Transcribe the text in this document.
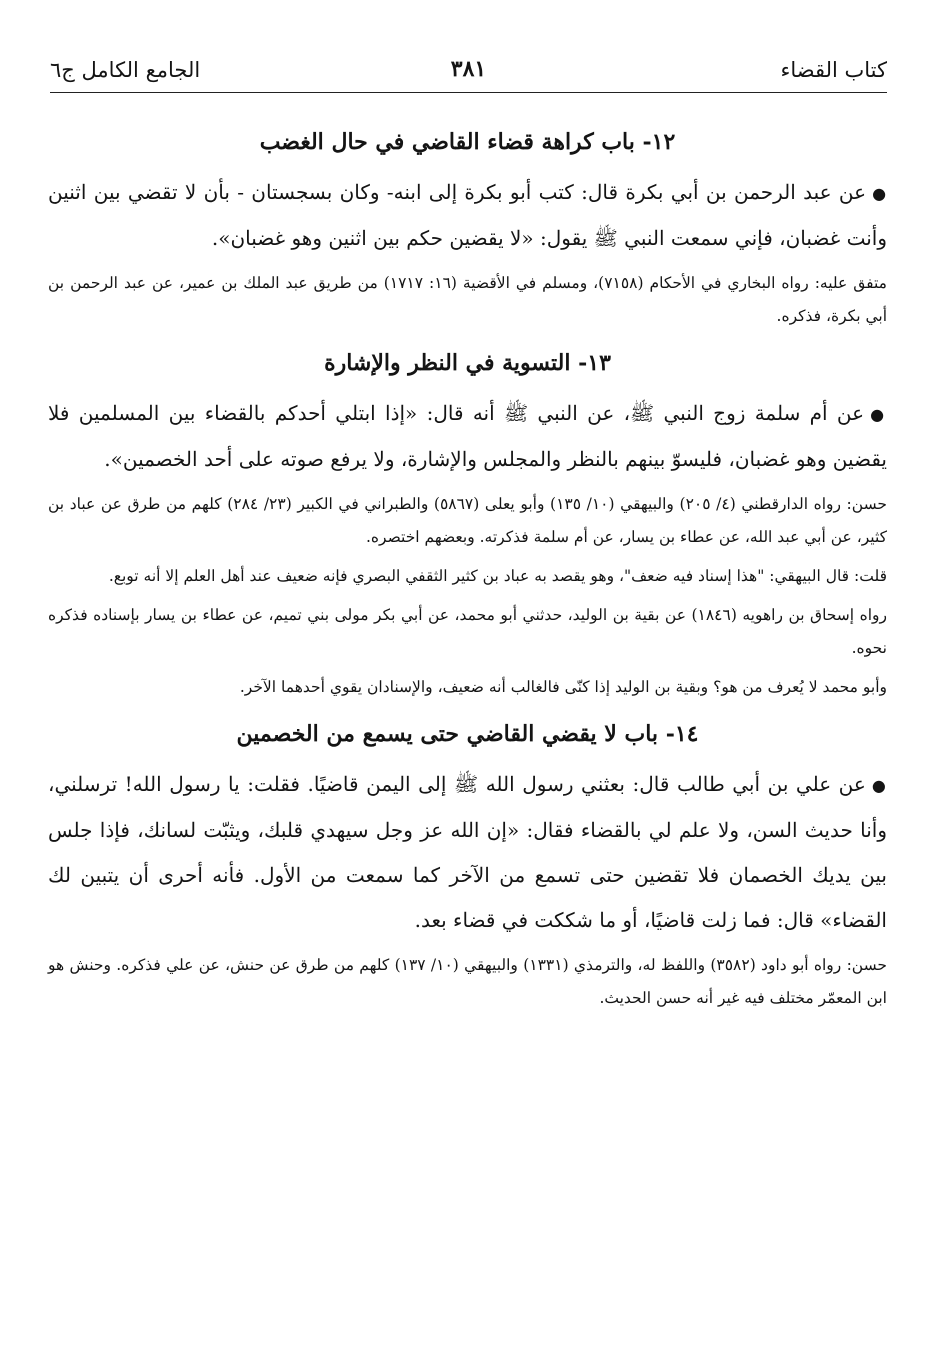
كتاب القضاء
٣٨١
الجامع الكامل ج٦
١٢- باب كراهة قضاء القاضي في حال الغضب

●عن عبد الرحمن بن أبي بكرة قال: كتب أبو بكرة إلى ابنه- وكان بسجستان - بأن لا تقضي بين اثنين وأنت غضبان، فإني سمعت النبي ﷺ يقول: «لا يقضين حكم بين اثنين وهو غضبان».

متفق عليه: رواه البخاري في الأحكام (٧١٥٨)، ومسلم في الأقضية (١٦: ١٧١٧) من طريق عبد الملك بن عمير، عن عبد الرحمن بن أبي بكرة، فذكره.

١٣- التسوية في النظر والإشارة

●عن أم سلمة زوج النبي ﷺ، عن النبي ﷺ أنه قال: «إذا ابتلي أحدكم بالقضاء بين المسلمين فلا يقضين وهو غضبان، فليسوّ بينهم بالنظر والمجلس والإشارة، ولا يرفع صوته على أحد الخصمين».

حسن: رواه الدارقطني (٤/ ٢٠٥) والبيهقي (١٠/ ١٣٥) وأبو يعلى (٥٨٦٧) والطبراني في الكبير (٢٣/ ٢٨٤) كلهم من طرق عن عباد بن كثير، عن أبي عبد الله، عن عطاء بن يسار، عن أم سلمة فذكرته. وبعضهم اختصره.

قلت: قال البيهقي: "هذا إسناد فيه ضعف"، وهو يقصد به عباد بن كثير الثقفي البصري فإنه ضعيف عند أهل العلم إلا أنه توبع.

رواه إسحاق بن راهويه (١٨٤٦) عن بقية بن الوليد، حدثني أبو محمد، عن أبي بكر مولى بني تميم، عن عطاء بن يسار بإسناده فذكره نحوه.

وأبو محمد لا يُعرف من هو؟ وبقية بن الوليد إذا كنّى فالغالب أنه ضعيف، والإسنادان يقوي أحدهما الآخر.

١٤- باب لا يقضي القاضي حتى يسمع من الخصمين

●عن علي بن أبي طالب قال: بعثني رسول الله ﷺ إلى اليمن قاضيًا. فقلت: يا رسول الله! ترسلني، وأنا حديث السن، ولا علم لي بالقضاء فقال: «إن الله عز وجل سيهدي قلبك، ويثبّت لسانك، فإذا جلس بين يديك الخصمان فلا تقضين حتى تسمع من الآخر كما سمعت من الأول. فأنه أحرى أن يتبين لك القضاء» قال: فما زلت قاضيًا، أو ما شككت في قضاء بعد.

حسن: رواه أبو داود (٣٥٨٢) واللفظ له، والترمذي (١٣٣١) والبيهقي (١٠/ ١٣٧) كلهم من طرق عن حنش، عن علي فذكره. وحنش هو ابن المعمّر مختلف فيه غير أنه حسن الحديث.
